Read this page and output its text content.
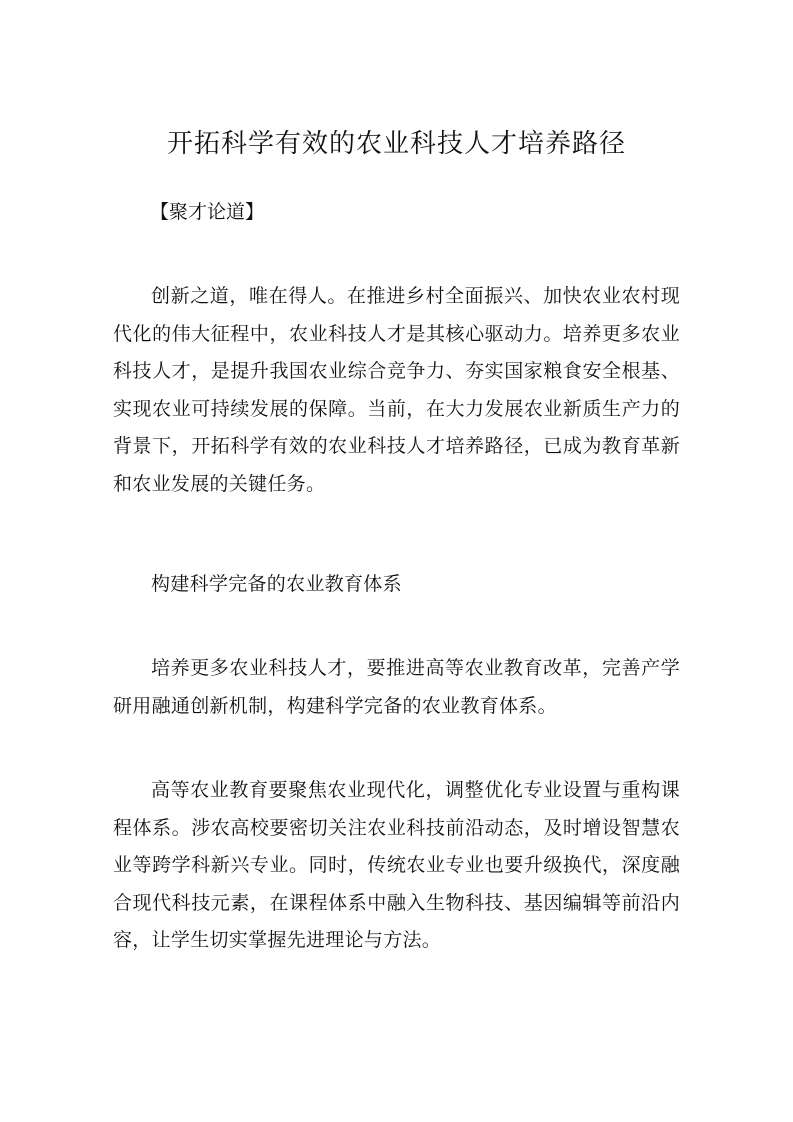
开拓科学有效的农业科技人才培养路径

【聚才论道】

创新之道，唯在得人。在推进乡村全面振兴、加快农业农村现代化的伟大征程中，农业科技人才是其核心驱动力。培养更多农业科技人才，是提升我国农业综合竞争力、夯实国家粮食安全根基、实现农业可持续发展的保障。当前，在大力发展农业新质生产力的背景下，开拓科学有效的农业科技人才培养路径，已成为教育革新和农业发展的关键任务。

构建科学完备的农业教育体系

培养更多农业科技人才，要推进高等农业教育改革，完善产学研用融通创新机制，构建科学完备的农业教育体系。

高等农业教育要聚焦农业现代化，调整优化专业设置与重构课程体系。涉农高校要密切关注农业科技前沿动态，及时增设智慧农业等跨学科新兴专业。同时，传统农业专业也要升级换代，深度融合现代科技元素，在课程体系中融入生物科技、基因编辑等前沿内容，让学生切实掌握先进理论与方法。
